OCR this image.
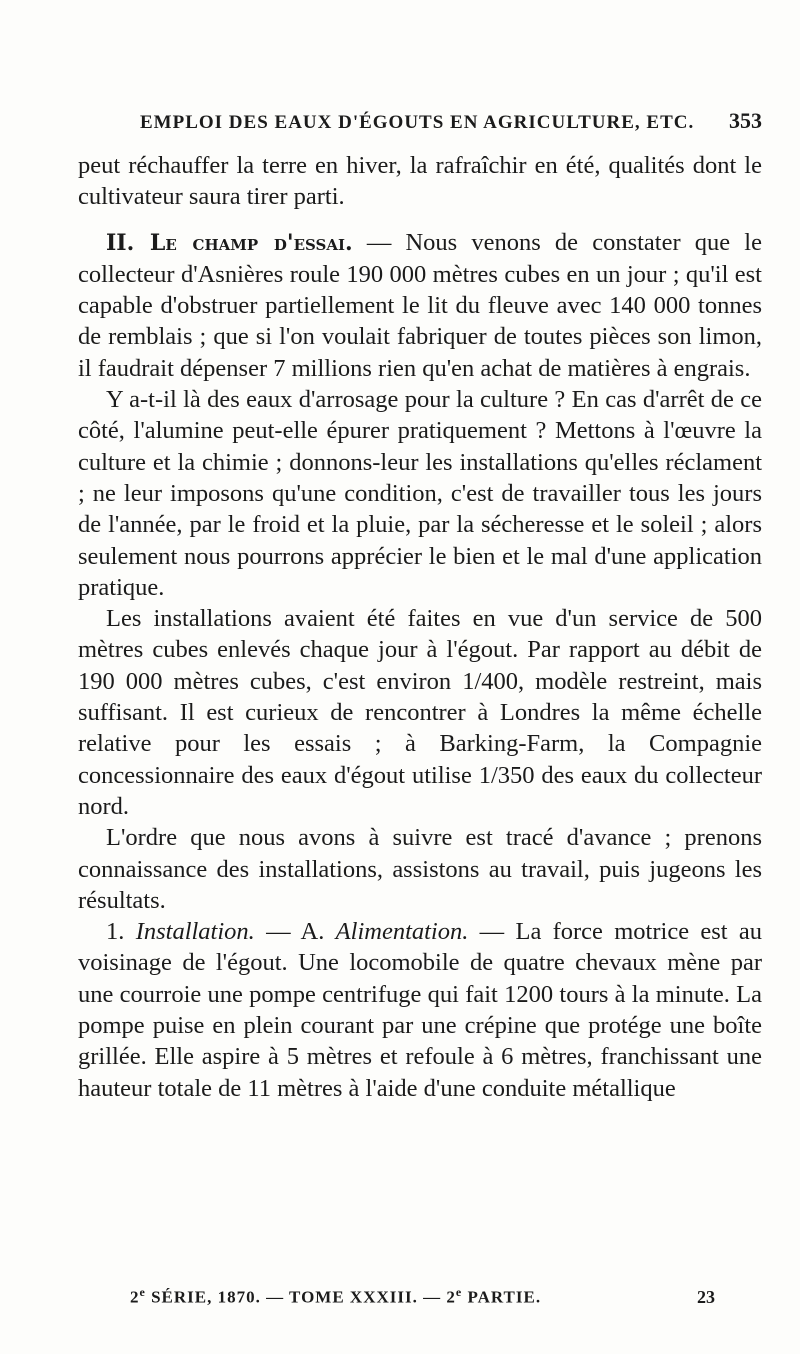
EMPLOI DES EAUX D'ÉGOUTS EN AGRICULTURE, ETC. 353

peut réchauffer la terre en hiver, la rafraîchir en été, qualités dont le cultivateur saura tirer parti.

II. Le champ d'essai. — Nous venons de constater que le collecteur d'Asnières roule 190 000 mètres cubes en un jour ; qu'il est capable d'obstruer partiellement le lit du fleuve avec 140 000 tonnes de remblais ; que si l'on voulait fabriquer de toutes pièces son limon, il faudrait dépenser 7 millions rien qu'en achat de matières à engrais.

Y a-t-il là des eaux d'arrosage pour la culture ? En cas d'arrêt de ce côté, l'alumine peut-elle épurer pratiquement ? Mettons à l'œuvre la culture et la chimie ; donnons-leur les installations qu'elles réclament ; ne leur imposons qu'une condition, c'est de travailler tous les jours de l'année, par le froid et la pluie, par la sécheresse et le soleil ; alors seulement nous pourrons apprécier le bien et le mal d'une application pratique.

Les installations avaient été faites en vue d'un service de 500 mètres cubes enlevés chaque jour à l'égout. Par rapport au débit de 190 000 mètres cubes, c'est environ 1/400, modèle restreint, mais suffisant. Il est curieux de rencontrer à Londres la même échelle relative pour les essais ; à Barking-Farm, la Compagnie concessionnaire des eaux d'égout utilise 1/350 des eaux du collecteur nord.

L'ordre que nous avons à suivre est tracé d'avance ; prenons connaissance des installations, assistons au travail, puis jugeons les résultats.

1. Installation. — A. Alimentation. — La force motrice est au voisinage de l'égout. Une locomobile de quatre chevaux mène par une courroie une pompe centrifuge qui fait 1200 tours à la minute. La pompe puise en plein courant par une crépine que protége une boîte grillée. Elle aspire à 5 mètres et refoule à 6 mètres, franchissant une hauteur totale de 11 mètres à l'aide d'une conduite métallique

2e SÉRIE, 1870. — TOME XXXIII. — 2e PARTIE.	23
